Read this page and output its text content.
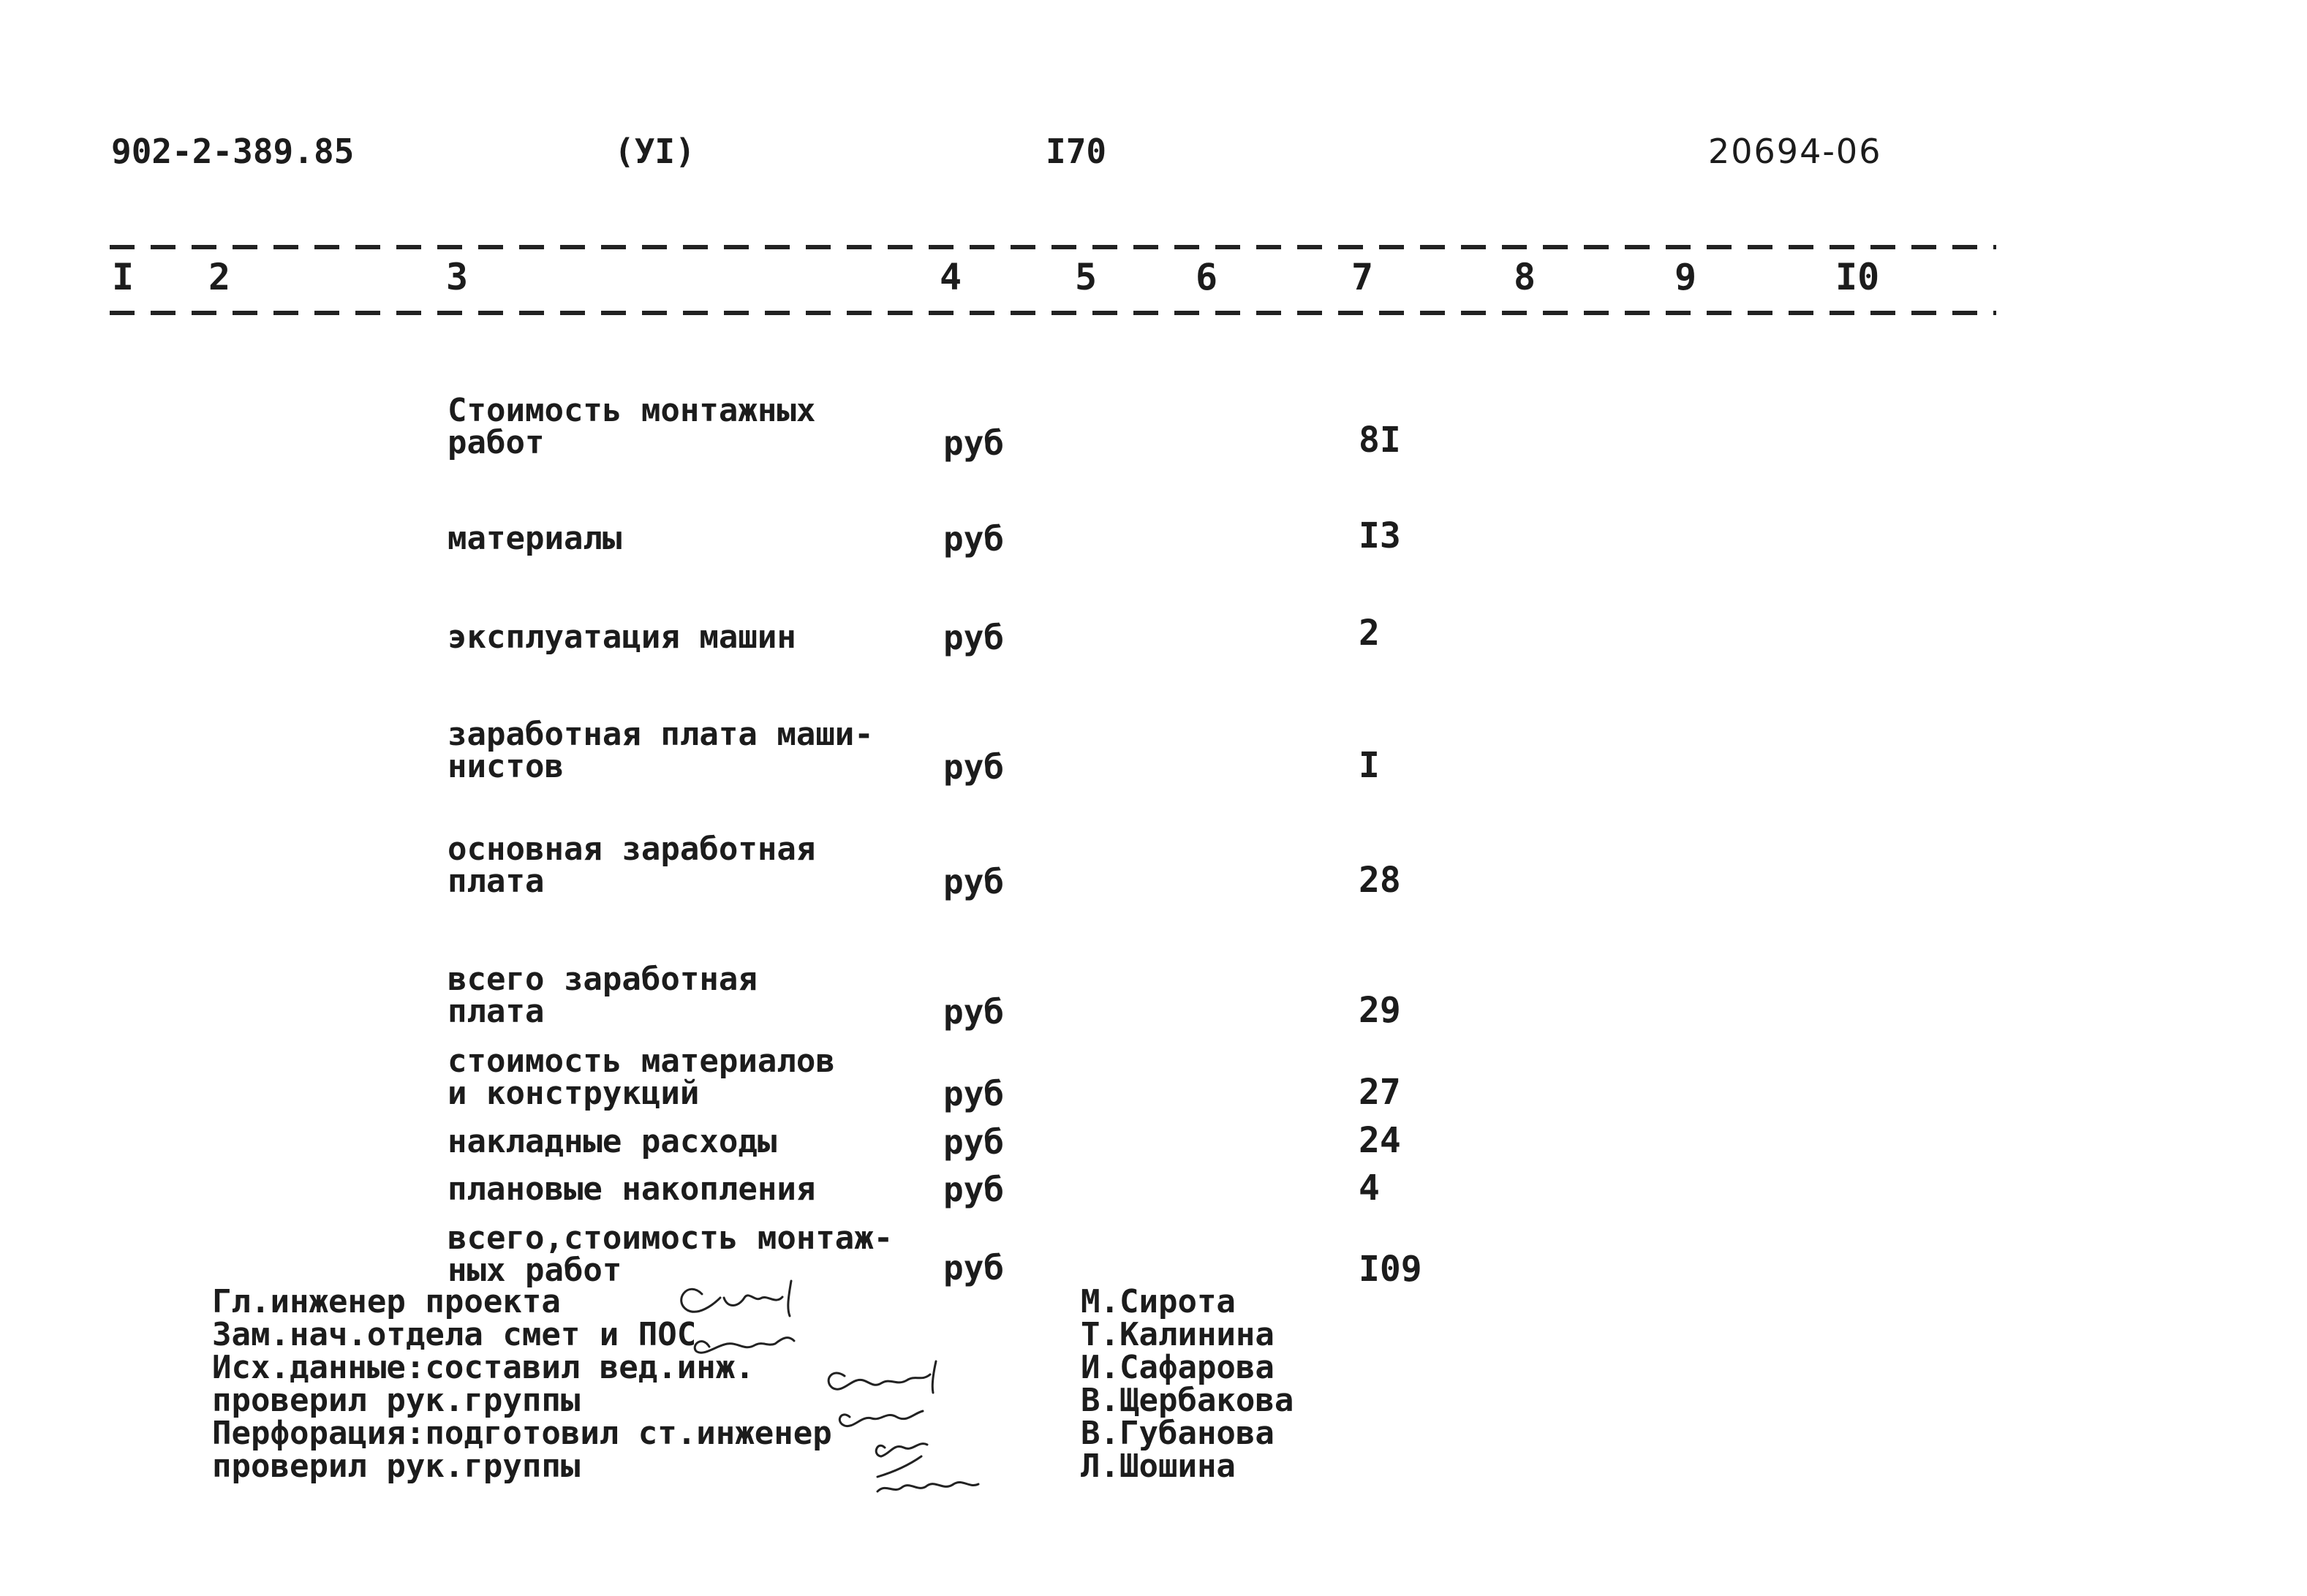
902-2-389.85	(УI)	I70	20694-06
I 2	3	4	5	6	7	8	9	I0
Стоимость монтажных
работ	руб	8I
материалы	руб	I3
эксплуатация машин	руб	2
заработная плата маши-
нистов	руб	I
основная заработная
плата	руб	28
всего заработная
плата	руб	29
стоимость материалов
и конструкций	руб	27
накладные расходы	руб	24
плановые накопления	руб	4
всего,стоимость монтаж-
ных работ	руб	I09
Гл.инженер проекта	М.Сирота
Зам.нач.отдела смет и ПОС	Т.Калинина
Исх.данные:составил вед.инж.	И.Сафарова
проверил рук.группы	В.Щербакова
Перфорация:подготовил ст.инженер	В.Губанова
проверил рук.группы	Л.Шошина
